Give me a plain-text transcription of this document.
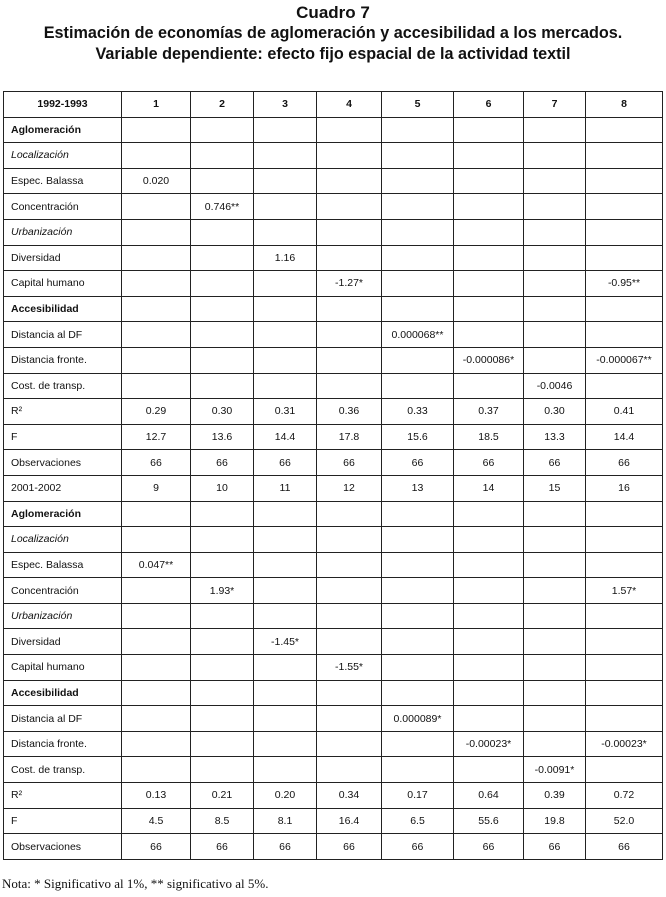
Cuadro 7
Estimación de economías de aglomeración y accesibilidad a los mercados.
Variable dependiente: efecto fijo espacial de la actividad textil
1992-1993	1	2	3	4	5	6	7	8
Aglomeración								
Localización								
Espec. Balassa	0.020							
Concentración		0.746**						
Urbanización								
Diversidad			1.16					
Capital humano				-1.27*				-0.95**
Accesibilidad								
Distancia al DF					0.000068**			
Distancia fronte.						-0.000086*		-0.000067**
Cost. de transp.							-0.0046	
R²	0.29	0.30	0.31	0.36	0.33	0.37	0.30	0.41
F	12.7	13.6	14.4	17.8	15.6	18.5	13.3	14.4
Observaciones	66	66	66	66	66	66	66	66
2001-2002	9	10	11	12	13	14	15	16
Aglomeración								
Localización								
Espec. Balassa	0.047**							
Concentración		1.93*						1.57*
Urbanización								
Diversidad			-1.45*					
Capital humano				-1.55*				
Accesibilidad								
Distancia al DF					0.000089*			
Distancia fronte.						-0.00023*		-0.00023*
Cost. de transp.							-0.0091*	
R²	0.13	0.21	0.20	0.34	0.17	0.64	0.39	0.72
F	4.5	8.5	8.1	16.4	6.5	55.6	19.8	52.0
Observaciones	66	66	66	66	66	66	66	66
Nota: * Significativo al 1%, ** significativo al 5%.
